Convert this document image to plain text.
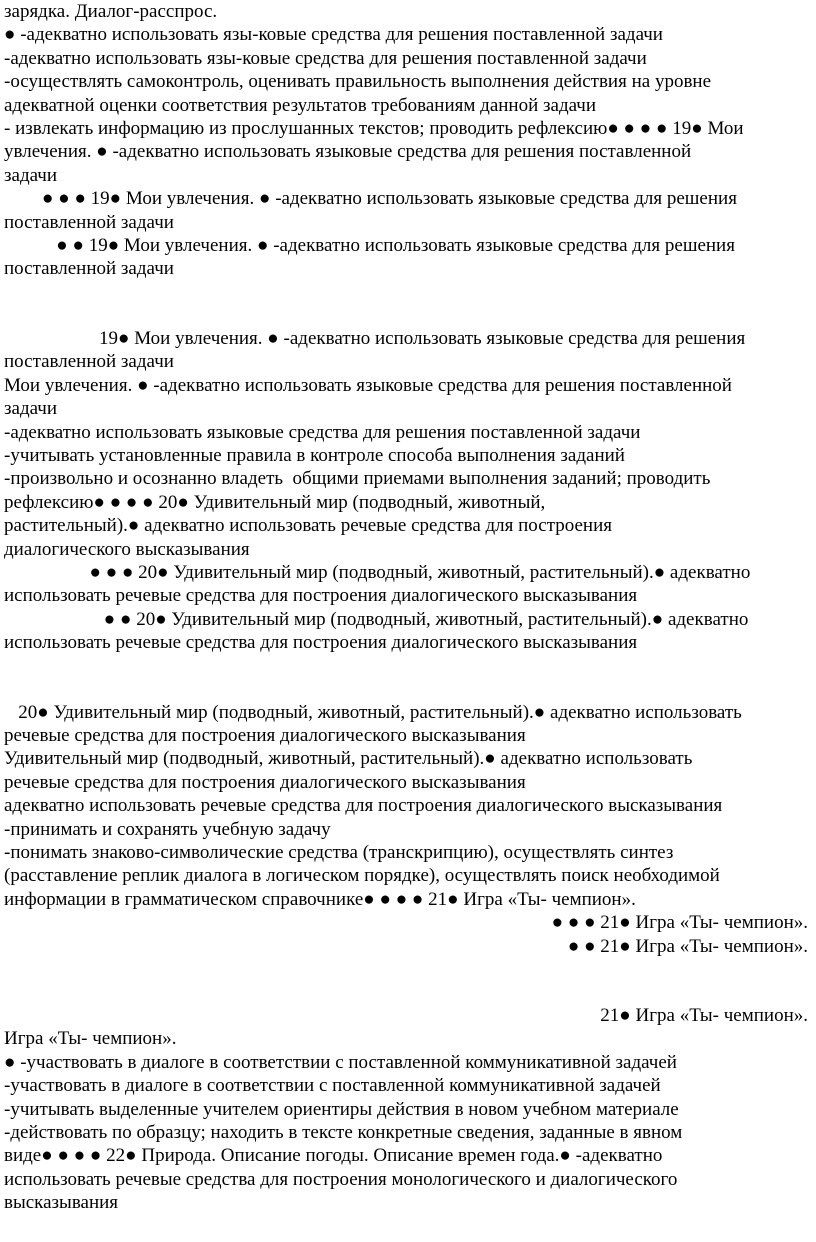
зарядка. Диалог-расспрос.

● -адекватно использовать язы-ковые средства для решения поставленной задачи

-адекватно использовать язы-ковые средства для решения поставленной задачи

-осуществлять самоконтроль, оценивать правильность выполнения действия на уровне

адекватной оценки соответствия результатов требованиям данной задачи

- извлекать информацию из прослушанных текстов; проводить рефлексию● ● ● ● 19● Мои

увлечения. ● -адекватно использовать языковые средства для решения поставленной

задачи

● ● ● 19● Мои увлечения. ● -адекватно использовать языковые средства для решения

поставленной задачи

● ● 19● Мои увлечения. ● -адекватно использовать языковые средства для решения

поставленной задачи

19● Мои увлечения. ● -адекватно использовать языковые средства для решения

поставленной задачи

Мои увлечения. ● -адекватно использовать языковые средства для решения поставленной

задачи

-адекватно использовать языковые средства для решения поставленной задачи

-учитывать установленные правила в контроле способа выполнения заданий

-произвольно и осознанно владеть  общими приемами выполнения заданий; проводить

рефлексию● ● ● ● 20● Удивительный мир (подводный, животный,

растительный).● адекватно использовать речевые средства для построения

диалогического высказывания

● ● ● 20● Удивительный мир (подводный, животный, растительный).● адекватно

использовать речевые средства для построения диалогического высказывания

● ● 20● Удивительный мир (подводный, животный, растительный).● адекватно

использовать речевые средства для построения диалогического высказывания

20● Удивительный мир (подводный, животный, растительный).● адекватно использовать

речевые средства для построения диалогического высказывания

Удивительный мир (подводный, животный, растительный).● адекватно использовать

речевые средства для построения диалогического высказывания

адекватно использовать речевые средства для построения диалогического высказывания

-принимать и сохранять учебную задачу

-понимать знаково-символические средства (транскрипцию), осуществлять синтез

(расставление реплик диалога в логическом порядке), осуществлять поиск необходимой

информации в грамматическом справочнике● ● ● ● 21● Игра «Ты- чемпион».

● ● ● 21● Игра «Ты- чемпион».

● ● 21● Игра «Ты- чемпион».

21● Игра «Ты- чемпион».

Игра «Ты- чемпион».

● -участвовать в диалоге в соответствии с поставленной коммуникативной задачей

-участвовать в диалоге в соответствии с поставленной коммуникативной задачей

-учитывать выделенные учителем ориентиры действия в новом учебном материале

-действовать по образцу; находить в тексте конкретные сведения, заданные в явном

виде● ● ● ● 22● Природа. Описание погоды. Описание времен года.● -адекватно

использовать речевые средства для построения монологического и диалогического

высказывания
